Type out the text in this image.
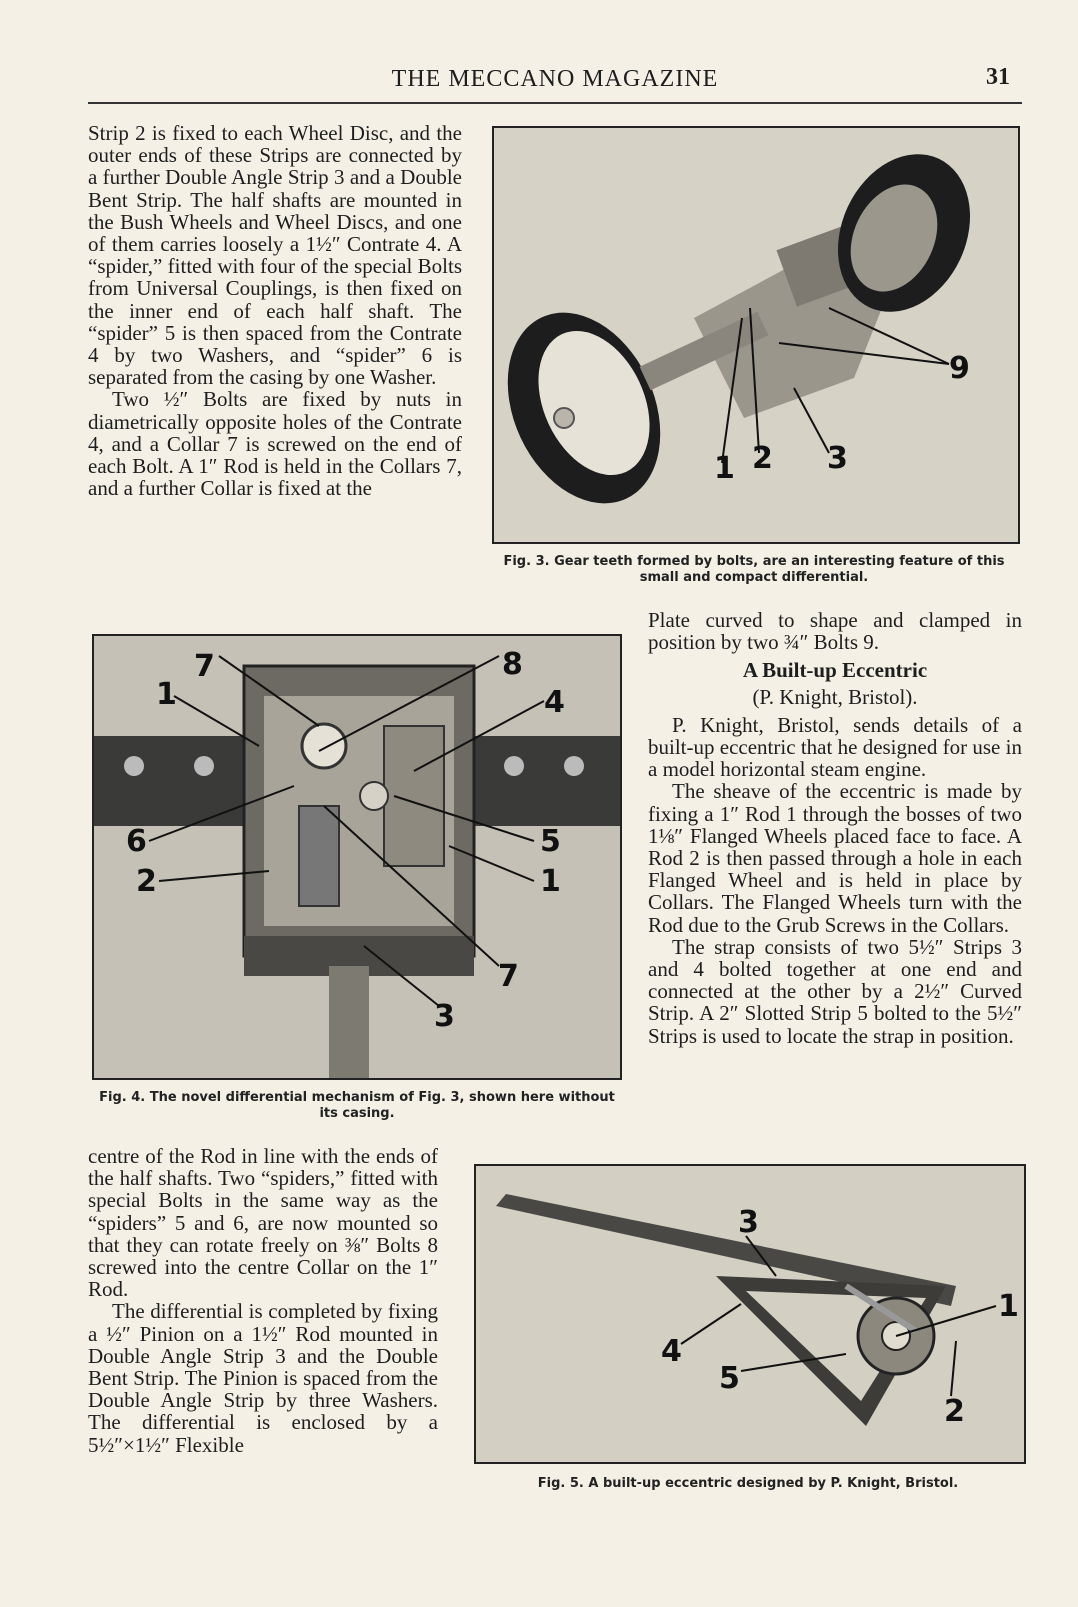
THE MECCANO MAGAZINE	31

Strip 2 is fixed to each Wheel Disc, and the outer ends of these Strips are connected by a further Double Angle Strip 3 and a Double Bent Strip. The half shafts are mounted in the Bush Wheels and Wheel Discs, and one of them carries loosely a 1½″ Contrate 4. A “spider,” fitted with four of the special Bolts from Universal Couplings, is then fixed on the inner end of each half shaft. The “spider” 5 is then spaced from the Contrate 4 by two Washers, and “spider” 6 is separated from the casing by one Washer.

Two ½″ Bolts are fixed by nuts in diametrically opposite holes of the Contrate 4, and a Collar 7 is screwed on the end of each Bolt. A 1″ Rod is held in the Collars 7, and a further Collar is fixed at the

1 2 3
9
Fig. 3. Gear teeth formed by bolts, are an interesting feature of this small and compact differential.
7	8
1	4
6
2
5
1
7
3
Fig. 4. The novel differential mechanism of Fig. 3, shown here without its casing.

Plate curved to shape and clamped in position by two ¾″ Bolts 9.

A Built-up Eccentric
(P. Knight, Bristol).

P. Knight, Bristol, sends details of a built-up eccentric that he designed for use in a model horizontal steam engine.

The sheave of the eccentric is made by fixing a 1″ Rod 1 through the bosses of two 1⅛″ Flanged Wheels placed face to face. A Rod 2 is then passed through a hole in each Flanged Wheel and is held in place by Collars. The Flanged Wheels turn with the Rod due to the Grub Screws in the Collars.

The strap consists of two 5½″ Strips 3 and 4 bolted together at one end and connected at the other by a 2½″ Curved Strip. A 2″ Slotted Strip 5 bolted to the 5½″ Strips is used to locate the strap in position.

centre of the Rod in line with the ends of the half shafts. Two “spiders,” fitted with special Bolts in the same way as the “spiders” 5 and 6, are now mounted so that they can rotate freely on ⅜″ Bolts 8 screwed into the centre Collar on the 1″ Rod.

The differential is completed by fixing a ½″ Pinion on a 1½″ Rod mounted in Double Angle Strip 3 and the Double Bent Strip. The Pinion is spaced from the Double Angle Strip by three Washers. The differential is enclosed by a 5½″×1½″ Flexible

3
1
4
5
2
Fig. 5. A built-up eccentric designed by P. Knight, Bristol.
